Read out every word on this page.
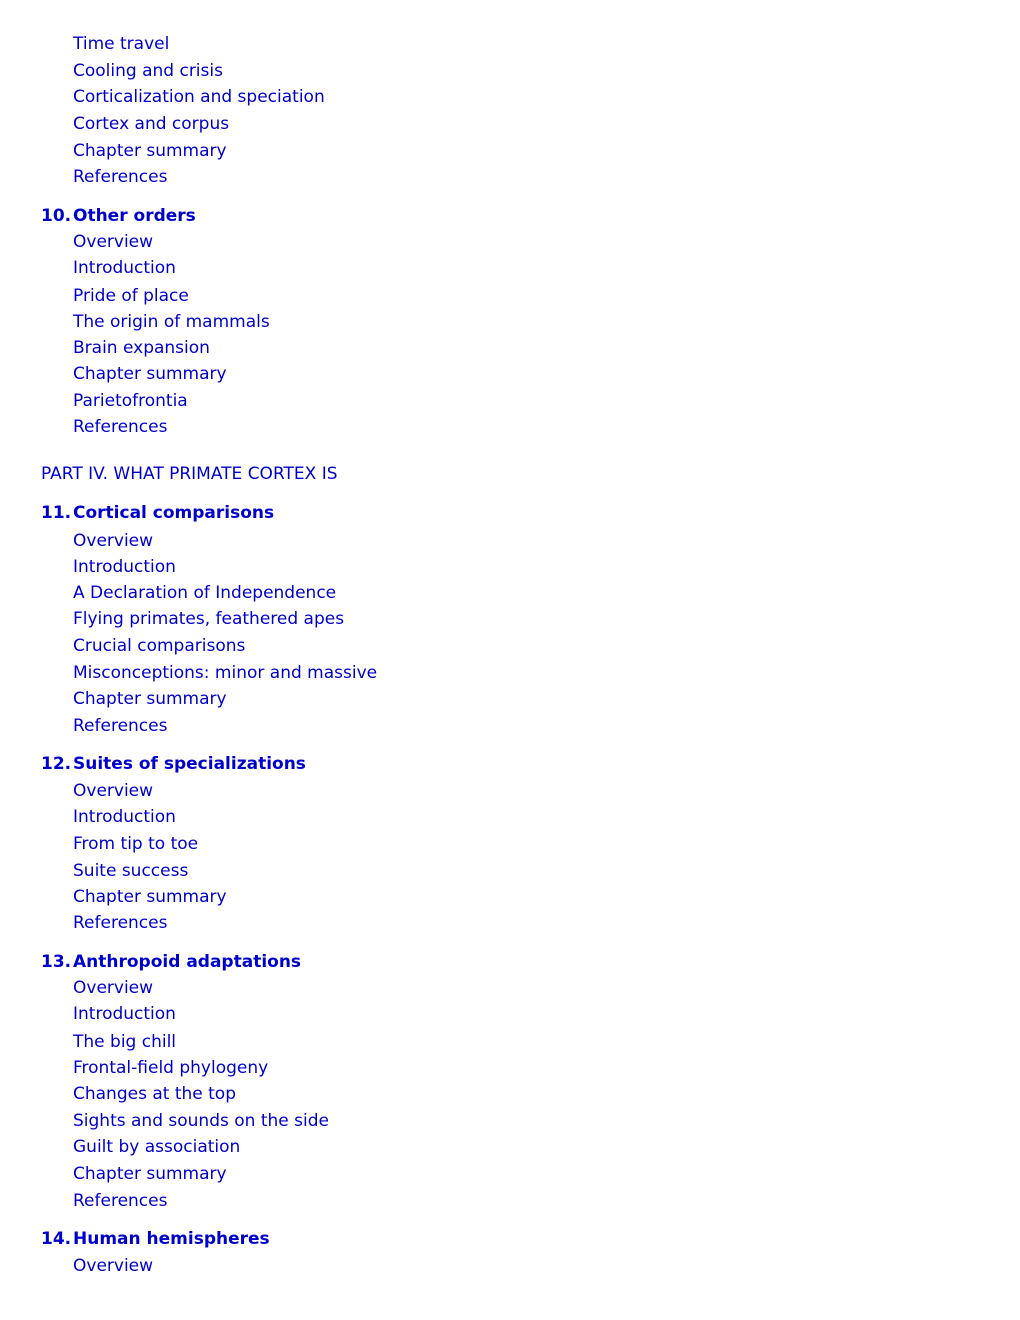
Time travel
Cooling and crisis
Corticalization and speciation
Cortex and corpus
Chapter summary
References
10. Other orders
Overview
Introduction
Pride of place
The origin of mammals
Brain expansion
Chapter summary
Parietofrontia
References
PART IV. WHAT PRIMATE CORTEX IS
11. Cortical comparisons
Overview
Introduction
A Declaration of Independence
Flying primates, feathered apes
Crucial comparisons
Misconceptions: minor and massive
Chapter summary
References
12. Suites of specializations
Overview
Introduction
From tip to toe
Suite success
Chapter summary
References
13. Anthropoid adaptations
Overview
Introduction
The big chill
Frontal-field phylogeny
Changes at the top
Sights and sounds on the side
Guilt by association
Chapter summary
References
14. Human hemispheres
Overview
